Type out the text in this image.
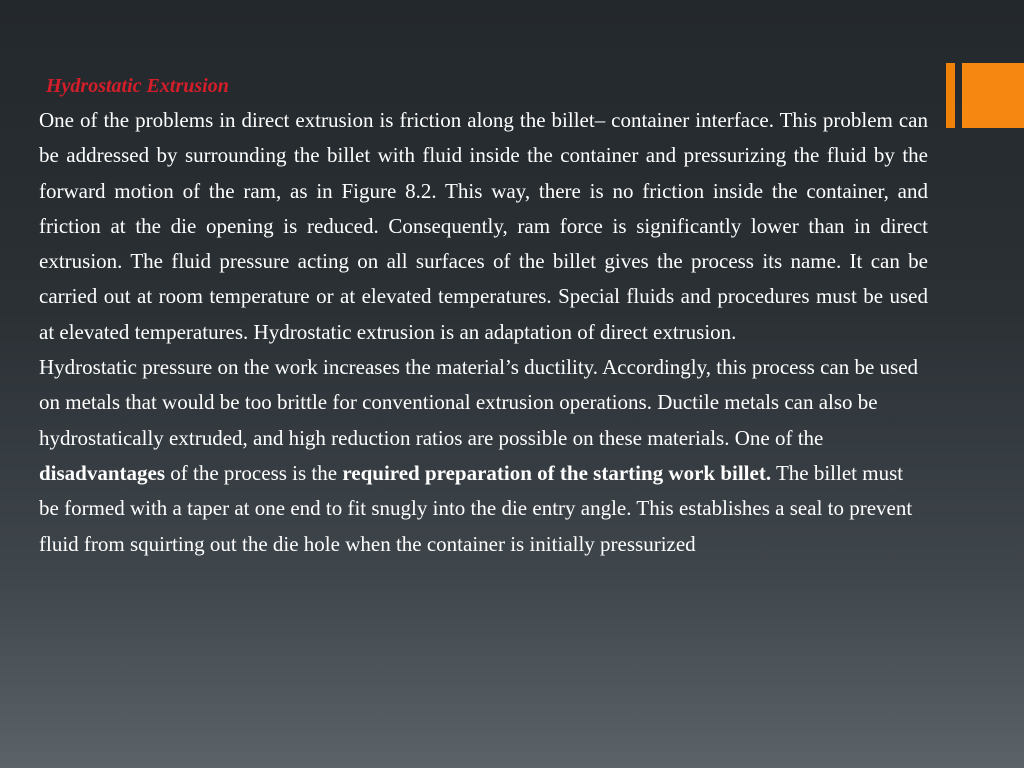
Hydrostatic Extrusion

One of the problems in direct extrusion is friction along the billet– container interface. This problem can be addressed by surrounding the billet with fluid inside the container and pressurizing the fluid by the forward motion of the ram, as in Figure 8.2. This way, there is no friction inside the container, and friction at the die opening is reduced. Consequently, ram force is significantly lower than in direct extrusion. The fluid pressure acting on all surfaces of the billet gives the process its name. It can be carried out at room temperature or at elevated temperatures. Special fluids and procedures must be used at elevated temperatures. Hydrostatic extrusion is an adaptation of direct extrusion.

Hydrostatic pressure on the work increases the material’s ductility. Accordingly, this process can be used on metals that would be too brittle for conventional extrusion operations. Ductile metals can also be hydrostatically extruded, and high reduction ratios are possible on these materials. One of the disadvantages of the process is the required preparation of the starting work billet. The billet must be formed with a taper at one end to fit snugly into the die entry angle. This establishes a seal to prevent fluid from squirting out the die hole when the container is initially pressurized
